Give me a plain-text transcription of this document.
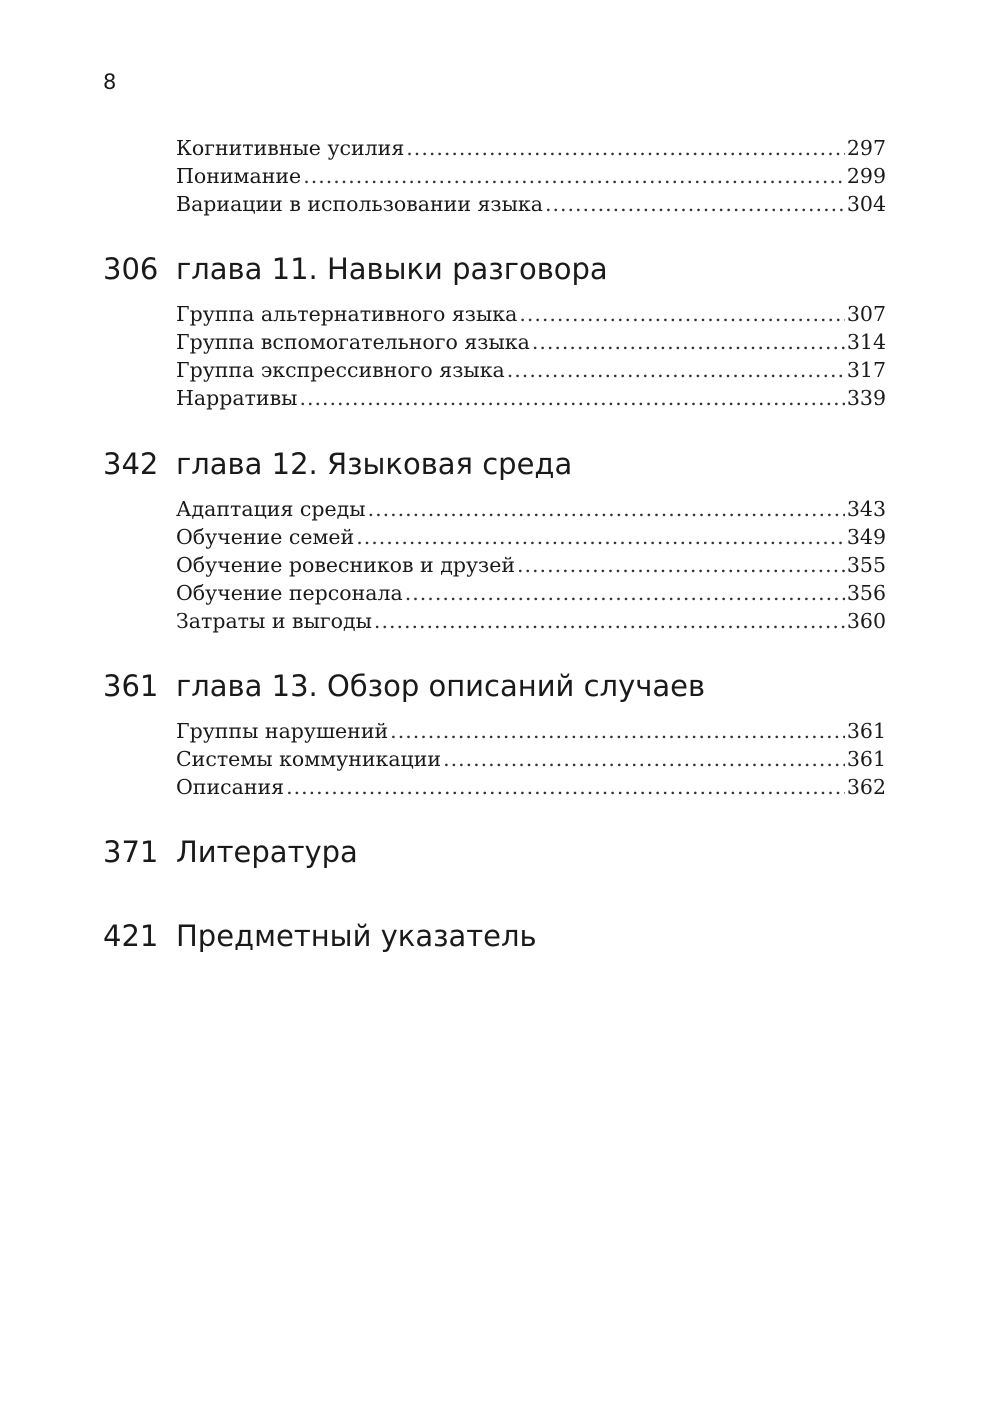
8
Когнитивные усилия .....	297
Понимание .....	299
Вариации в использовании языка .....	304
306 глава 11. Навыки разговора
Группа альтернативного языка .....	307
Группа вспомогательного языка .....	314
Группа экспрессивного языка .....	317
Нарративы .....	339
342 глава 12. Языковая среда
Адаптация среды .....	343
Обучение семей .....	349
Обучение ровесников и друзей .....	355
Обучение персонала .....	356
Затраты и выгоды .....	360
361 глава 13. Обзор описаний случаев
Группы нарушений .....	361
Системы коммуникации .....	361
Описания .....	362
371 Литература
421 Предметный указатель
